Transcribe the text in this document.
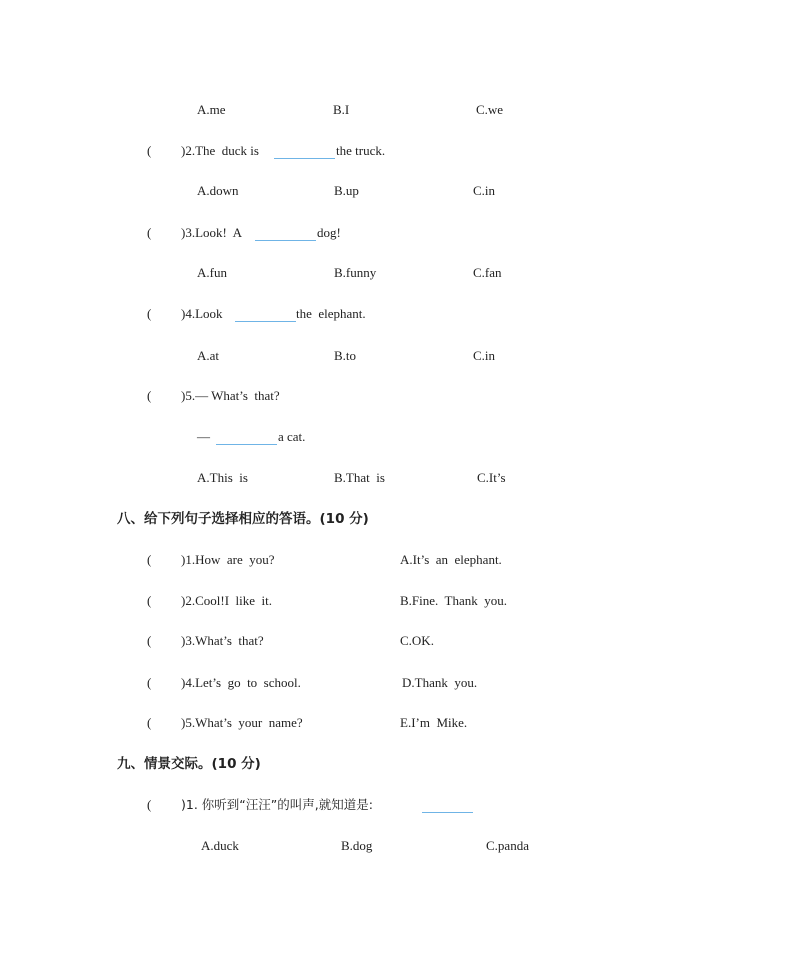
A.me	B.I	C.we
( )2.The  duck is	the truck.
A.down	B.up	C.in
( )3.Look!  A	dog!
A.fun	B.funny	C.fan
( )4.Look	the  elephant.
A.at	B.to	C.in
( )5.— What’s  that?
—	a cat.
A.This  is	B.That  is	C.It’s
八、给下列句子选择相应的答语。(10 分)
( )1.How  are  you?	A.It’s  an  elephant.
( )2.Cool!I  like  it.	B.Fine.  Thank  you.
( )3.What’s  that?	C.OK.
( )4.Let’s  go  to  school.	D.Thank  you.
( )5.What’s  your  name?	E.I’m  Mike.
九、情景交际。(10 分)
( )1. 你听到“汪汪”的叫声,就知道是:
A.duck	B.dog	C.panda
